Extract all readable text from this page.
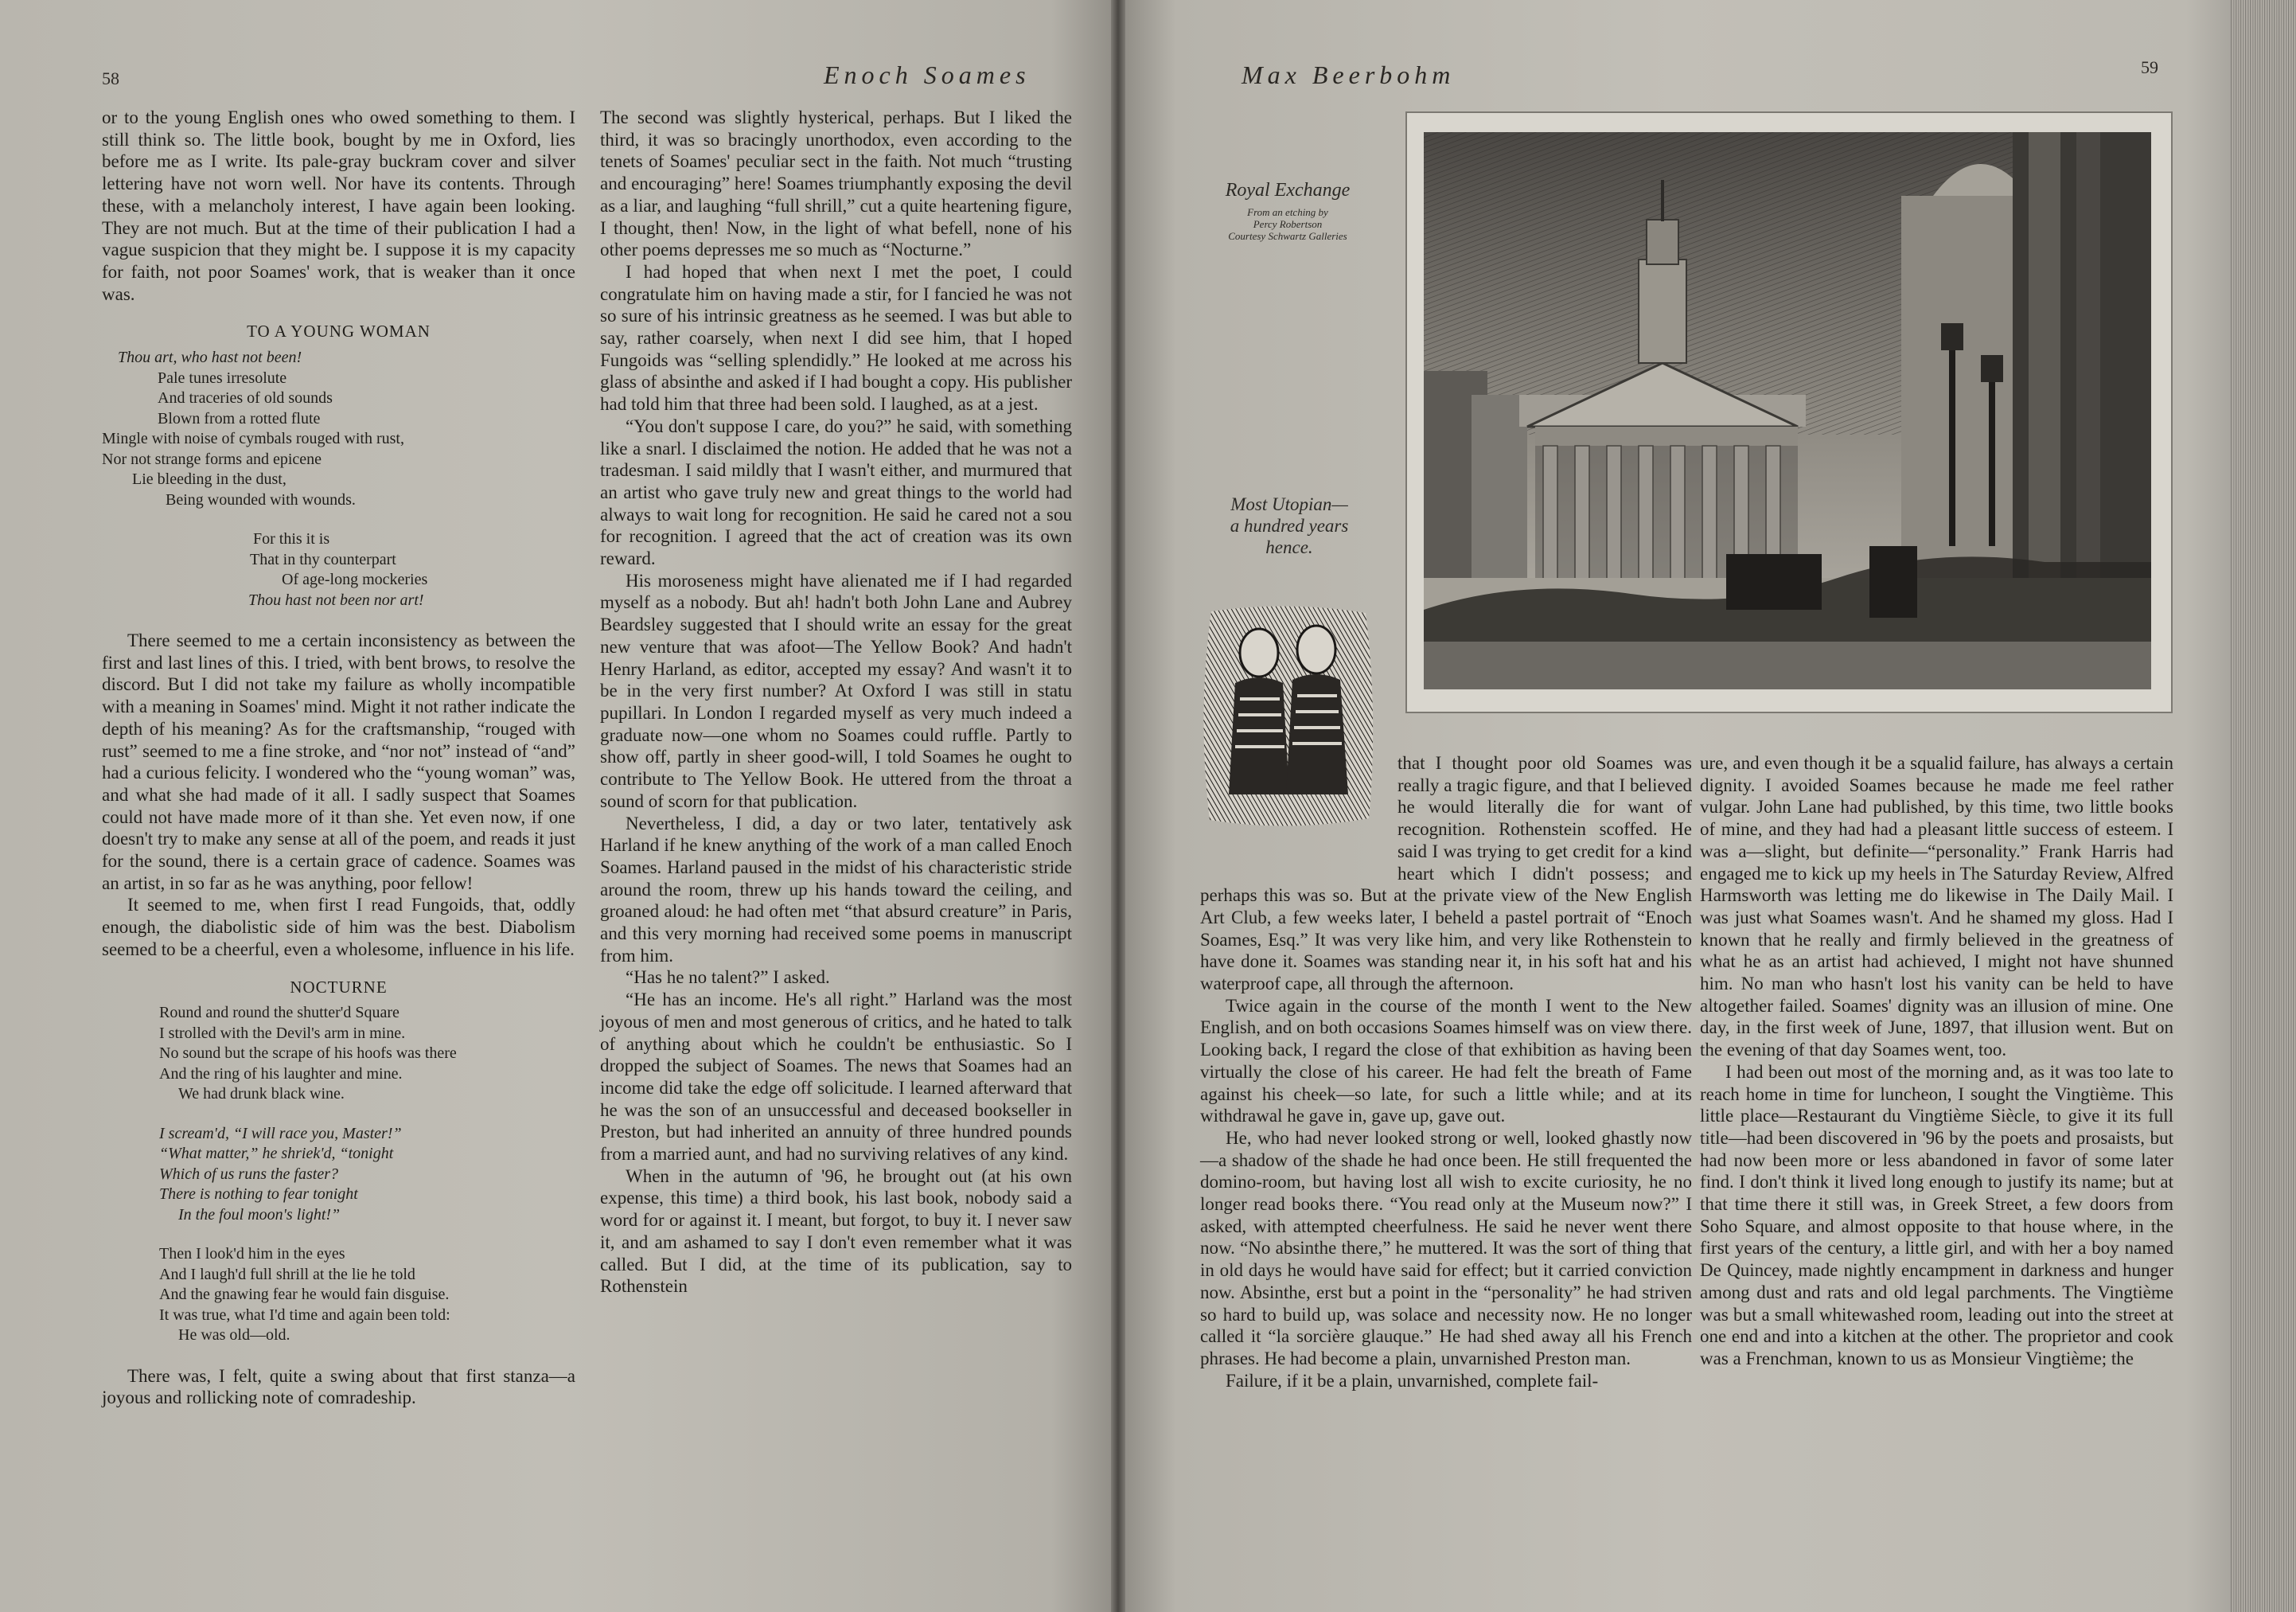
58	Enoch Soames

or to the young English ones who owed something to them. I still think so. The little book, bought by me in Oxford, lies before me as I write. Its pale-gray buckram cover and silver lettering have not worn well. Nor have its contents. Through these, with a melancholy interest, I have again been looking. They are not much. But at the time of their publication I had a vague suspicion that they might be. I suppose it is my capacity for faith, not poor Soames' work, that is weaker than it once was.

TO A YOUNG WOMAN
Thou art, who hast not been!
Pale tunes irresolute
And traceries of old sounds
Blown from a rotted flute
Mingle with noise of cymbals rouged with rust,
Nor not strange forms and epicene
Lie bleeding in the dust,
Being wounded with wounds.
For this it is
That in thy counterpart
Of age-long mockeries
Thou hast not been nor art!

There seemed to me a certain inconsistency as between the first and last lines of this. I tried, with bent brows, to resolve the discord. But I did not take my failure as wholly incompatible with a meaning in Soames' mind. Might it not rather indicate the depth of his meaning? As for the craftsmanship, “rouged with rust” seemed to me a fine stroke, and “nor not” instead of “and” had a curious felicity. I wondered who the “young woman” was, and what she had made of it all. I sadly suspect that Soames could not have made more of it than she. Yet even now, if one doesn't try to make any sense at all of the poem, and reads it just for the sound, there is a certain grace of cadence. Soames was an artist, in so far as he was anything, poor fellow!

It seemed to me, when first I read Fungoids, that, oddly enough, the diabolistic side of him was the best. Diabolism seemed to be a cheerful, even a wholesome, influence in his life.

NOCTURNE
Round and round the shutter'd Square
I strolled with the Devil's arm in mine.
No sound but the scrape of his hoofs was there
And the ring of his laughter and mine.
We had drunk black wine.
I scream'd, “I will race you, Master!”
“What matter,” he shriek'd, “tonight
Which of us runs the faster?
There is nothing to fear tonight
In the foul moon's light!”
Then I look'd him in the eyes
And I laugh'd full shrill at the lie he told
And the gnawing fear he would fain disguise.
It was true, what I'd time and again been told:
He was old—old.

There was, I felt, quite a swing about that first stanza—a joyous and rollicking note of comradeship.

The second was slightly hysterical, perhaps. But I liked the third, it was so bracingly unorthodox, even according to the tenets of Soames' peculiar sect in the faith. Not much “trusting and encouraging” here! Soames triumphantly exposing the devil as a liar, and laughing “full shrill,” cut a quite heartening figure, I thought, then! Now, in the light of what befell, none of his other poems depresses me so much as “Nocturne.”

I had hoped that when next I met the poet, I could congratulate him on having made a stir, for I fancied he was not so sure of his intrinsic greatness as he seemed. I was but able to say, rather coarsely, when next I did see him, that I hoped Fungoids was “selling splendidly.” He looked at me across his glass of absinthe and asked if I had bought a copy. His publisher had told him that three had been sold. I laughed, as at a jest.

“You don't suppose I care, do you?” he said, with something like a snarl. I disclaimed the notion. He added that he was not a tradesman. I said mildly that I wasn't either, and murmured that an artist who gave truly new and great things to the world had always to wait long for recognition. He said he cared not a sou for recognition. I agreed that the act of creation was its own reward.

His moroseness might have alienated me if I had regarded myself as a nobody. But ah! hadn't both John Lane and Aubrey Beardsley suggested that I should write an essay for the great new venture that was afoot—The Yellow Book? And hadn't Henry Harland, as editor, accepted my essay? And wasn't it to be in the very first number? At Oxford I was still in statu pupillari. In London I regarded myself as very much indeed a graduate now—one whom no Soames could ruffle. Partly to show off, partly in sheer good-will, I told Soames he ought to contribute to The Yellow Book. He uttered from the throat a sound of scorn for that publication.

Nevertheless, I did, a day or two later, tentatively ask Harland if he knew anything of the work of a man called Enoch Soames. Harland paused in the midst of his characteristic stride around the room, threw up his hands toward the ceiling, and groaned aloud: he had often met “that absurd creature” in Paris, and this very morning had received some poems in manuscript from him.

“Has he no talent?” I asked.

“He has an income. He's all right.” Harland was the most joyous of men and most generous of critics, and he hated to talk of anything about which he couldn't be enthusiastic. So I dropped the subject of Soames. The news that Soames had an income did take the edge off solicitude. I learned afterward that he was the son of an unsuccessful and deceased bookseller in Preston, but had inherited an annuity of three hundred pounds from a married aunt, and had no surviving relatives of any kind.

When in the autumn of '96, he brought out (at his own expense, this time) a third book, his last book, nobody said a word for or against it. I meant, but forgot, to buy it. I never saw it, and am ashamed to say I don't even remember what it was called. But I did, at the time of its publication, say to Rothenstein

Max Beerbohm	59
Royal Exchange
From an etching by
Percy Robertson
Courtesy Schwartz Galleries
Most Utopian—
a hundred years
hence.

that I thought poor old Soames was really a tragic figure, and that I believed he would literally die for want of recognition. Rothenstein scoffed. He said I was trying to get credit for a kind heart which I didn't possess; and perhaps this was so. But at the private view of the New English Art Club, a few weeks later, I beheld a pastel portrait of “Enoch Soames, Esq.” It was very like him, and very like Rothenstein to have done it. Soames was standing near it, in his soft hat and his waterproof cape, all through the afternoon.

Twice again in the course of the month I went to the New English, and on both occasions Soames himself was on view there. Looking back, I regard the close of that exhibition as having been virtually the close of his career. He had felt the breath of Fame against his cheek—so late, for such a little while; and at its withdrawal he gave in, gave up, gave out.

He, who had never looked strong or well, looked ghastly now—a shadow of the shade he had once been. He still frequented the domino-room, but having lost all wish to excite curiosity, he no longer read books there. “You read only at the Museum now?” I asked, with attempted cheerfulness. He said he never went there now. “No absinthe there,” he muttered. It was the sort of thing that in old days he would have said for effect; but it carried conviction now. Absinthe, erst but a point in the “personality” he had striven so hard to build up, was solace and necessity now. He no longer called it “la sorcière glauque.” He had shed away all his French phrases. He had become a plain, unvarnished Preston man.

Failure, if it be a plain, unvarnished, complete fail-

ure, and even though it be a squalid failure, has always a certain dignity. I avoided Soames because he made me feel rather vulgar. John Lane had published, by this time, two little books of mine, and they had had a pleasant little success of esteem. I was a—slight, but definite—“personality.” Frank Harris had engaged me to kick up my heels in The Saturday Review, Alfred Harmsworth was letting me do likewise in The Daily Mail. I was just what Soames wasn't. And he shamed my gloss. Had I known that he really and firmly believed in the greatness of what he as an artist had achieved, I might not have shunned him. No man who hasn't lost his vanity can be held to have altogether failed. Soames' dignity was an illusion of mine. One day, in the first week of June, 1897, that illusion went. But on the evening of that day Soames went, too.

I had been out most of the morning and, as it was too late to reach home in time for luncheon, I sought the Vingtième. This little place—Restaurant du Vingtième Siècle, to give it its full title—had been discovered in '96 by the poets and prosaists, but had now been more or less abandoned in favor of some later find. I don't think it lived long enough to justify its name; but at that time there it still was, in Greek Street, a few doors from Soho Square, and almost opposite to that house where, in the first years of the century, a little girl, and with her a boy named De Quincey, made nightly encampment in darkness and hunger among dust and rats and old legal parchments. The Vingtième was but a small whitewashed room, leading out into the street at one end and into a kitchen at the other. The proprietor and cook was a Frenchman, known to us as Monsieur Vingtième; the
